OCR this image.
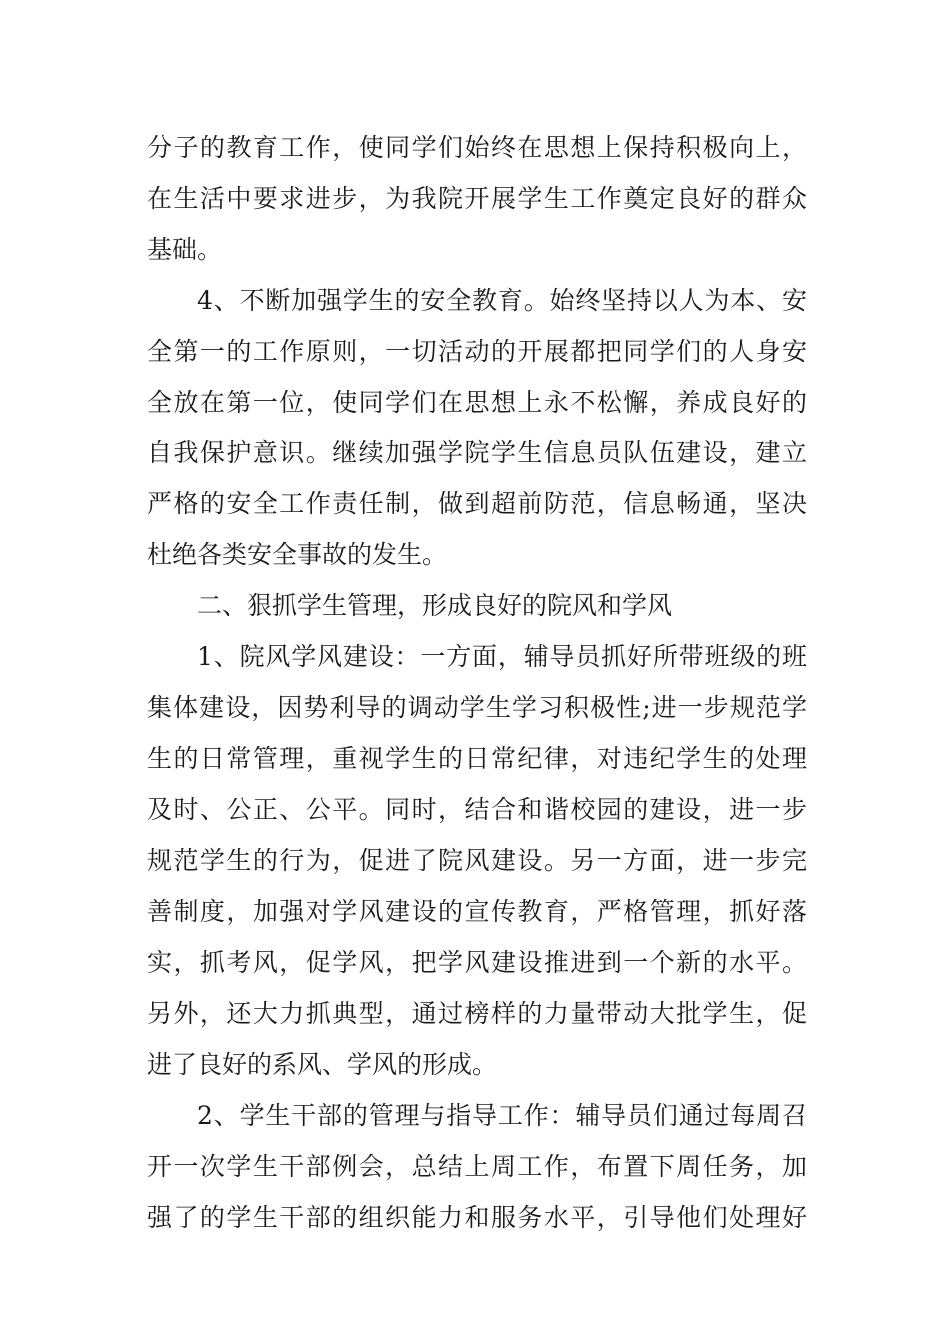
分子的教育工作，使同学们始终在思想上保持积极向上，
在生活中要求进步，为我院开展学生工作奠定良好的群众
基础。
4、不断加强学生的安全教育。始终坚持以人为本、安
全第一的工作原则，一切活动的开展都把同学们的人身安
全放在第一位，使同学们在思想上永不松懈，养成良好的
自我保护意识。继续加强学院学生信息员队伍建设，建立
严格的安全工作责任制，做到超前防范，信息畅通，坚决
杜绝各类安全事故的发生。
二、狠抓学生管理，形成良好的院风和学风
1、院风学风建设：一方面，辅导员抓好所带班级的班
集体建设，因势利导的调动学生学习积极性;进一步规范学
生的日常管理，重视学生的日常纪律，对违纪学生的处理
及时、公正、公平。同时，结合和谐校园的建设，进一步
规范学生的行为，促进了院风建设。另一方面，进一步完
善制度，加强对学风建设的宣传教育，严格管理，抓好落
实，抓考风，促学风，把学风建设推进到一个新的水平。
另外，还大力抓典型，通过榜样的力量带动大批学生，促
进了良好的系风、学风的形成。
2、学生干部的管理与指导工作：辅导员们通过每周召
开一次学生干部例会，总结上周工作，布置下周任务，加
强了的学生干部的组织能力和服务水平，引导他们处理好
